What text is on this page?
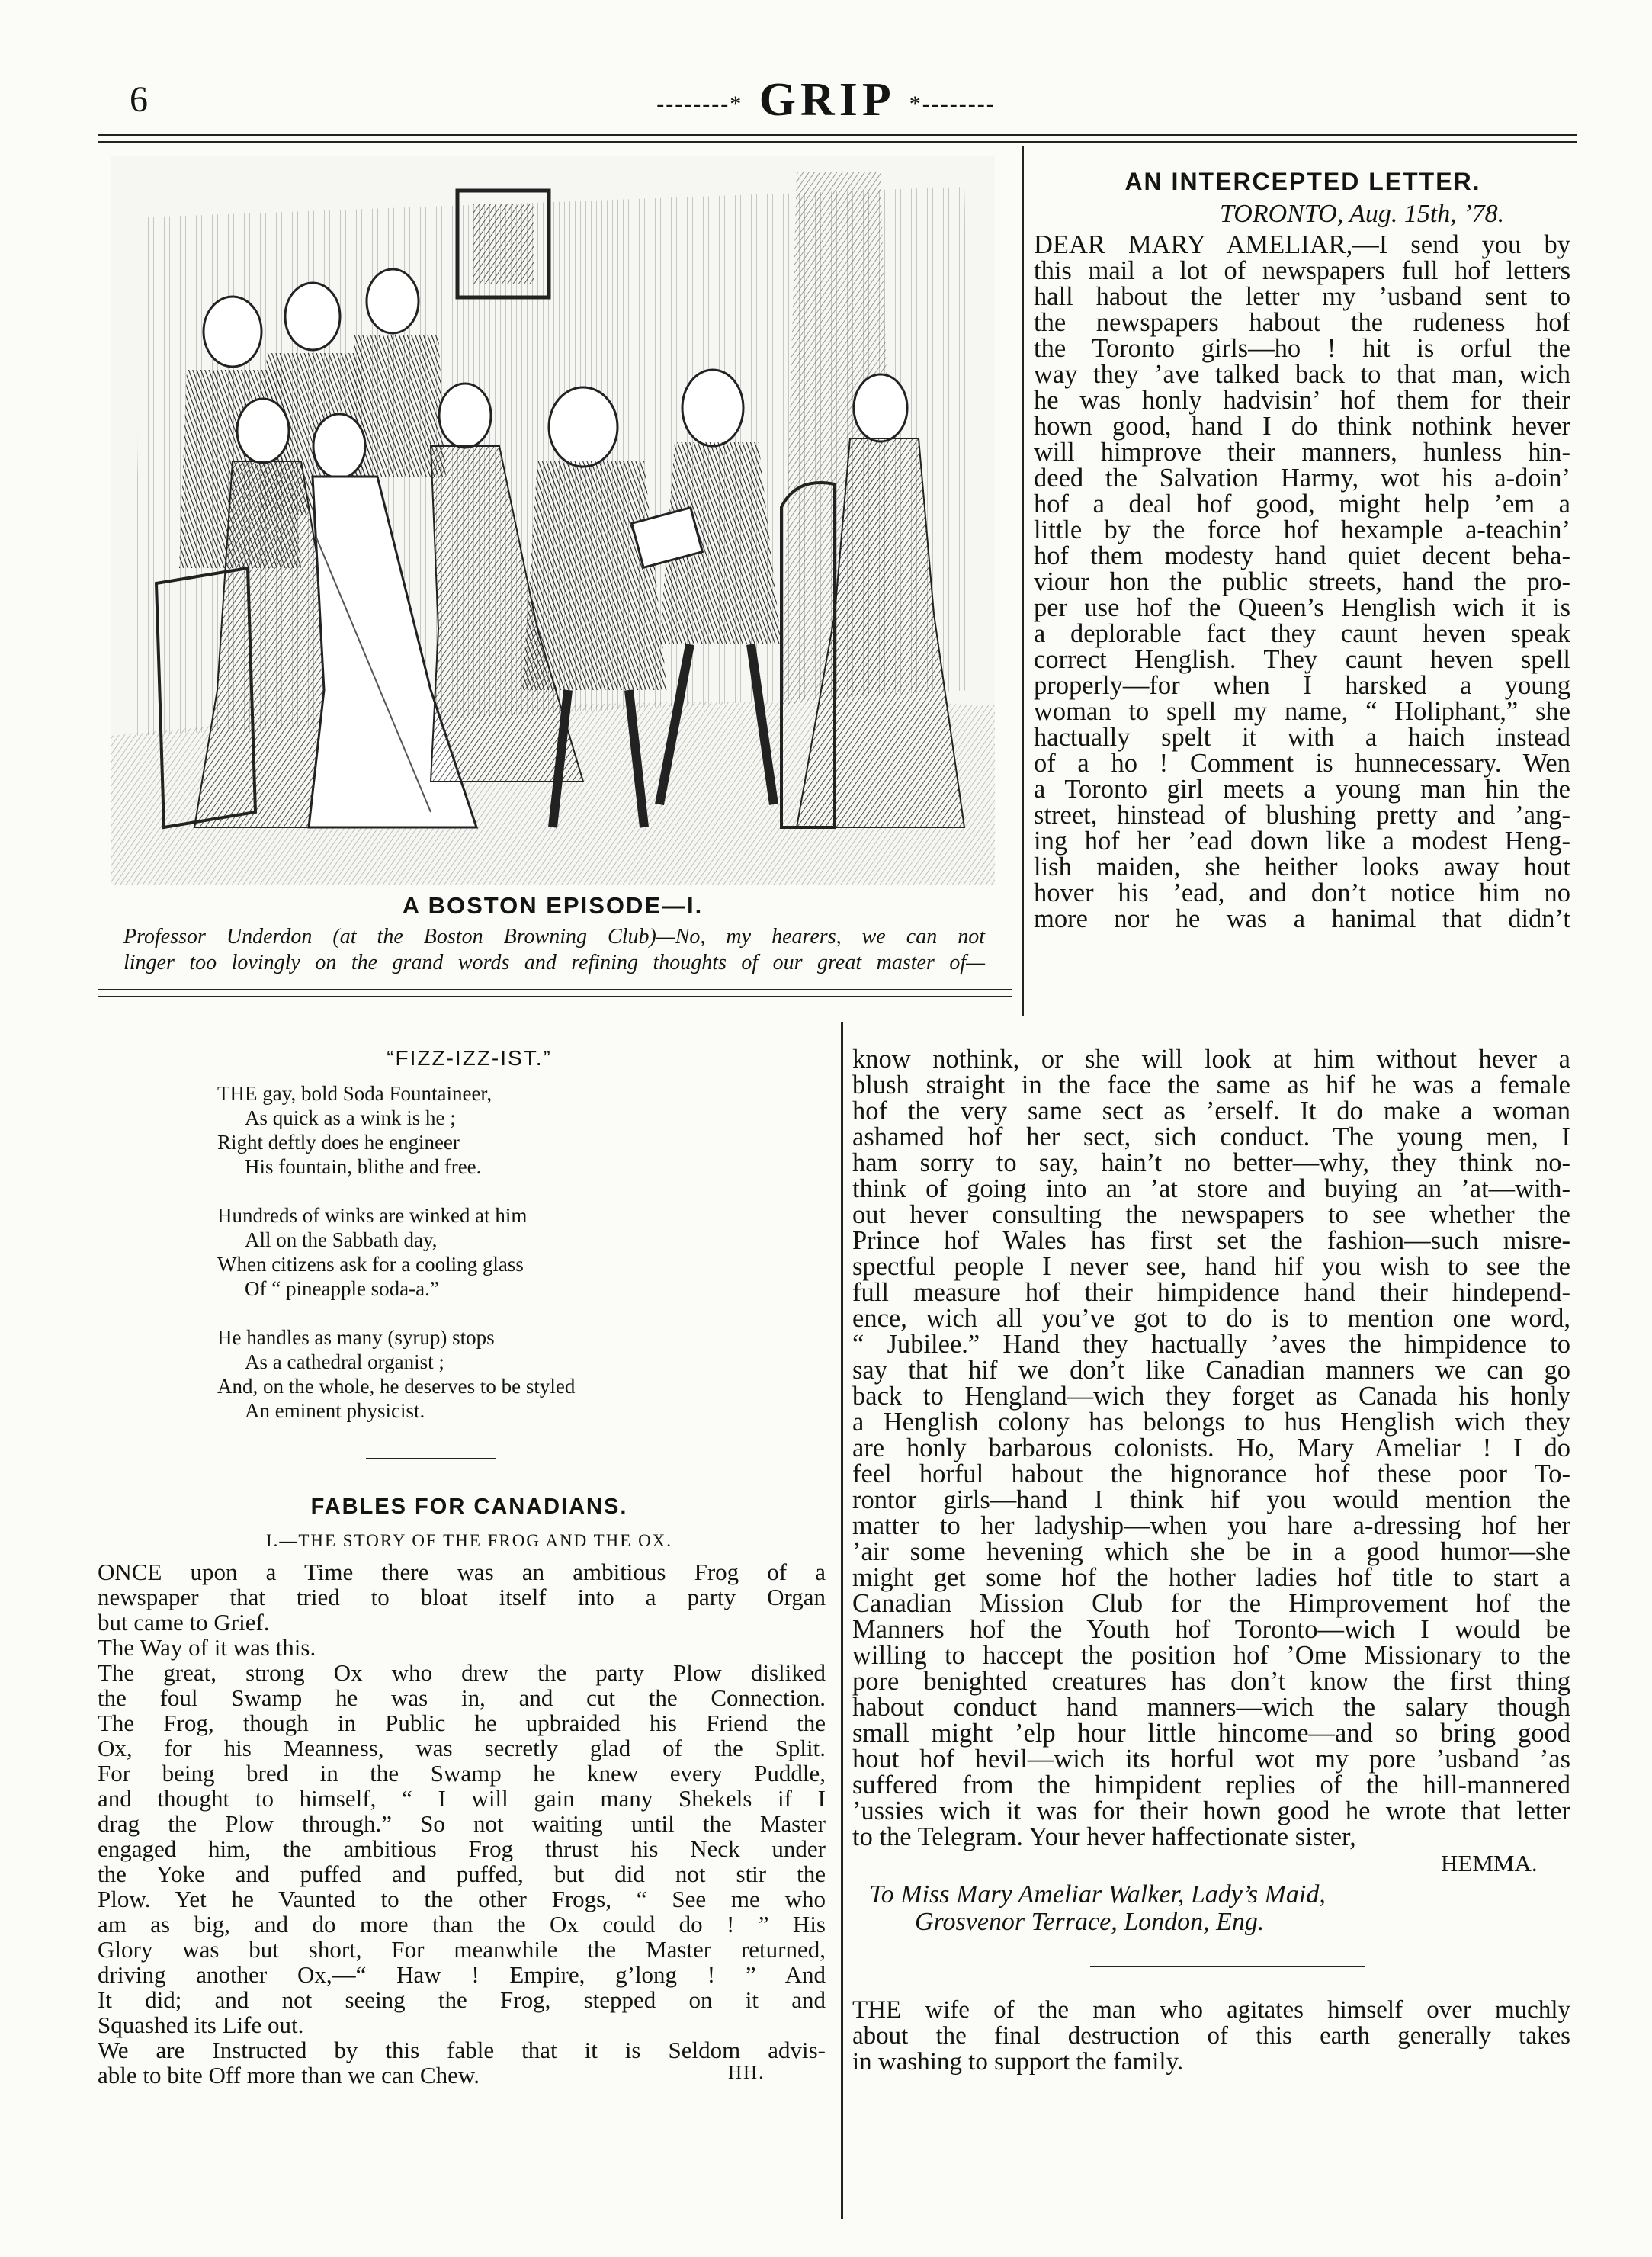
6	--------* GRIP *--------
A BOSTON EPISODE—I.
Professor Underdon (at the Boston Browning Club)—No, my hearers, we can not
linger too lovingly on the grand words and refining thoughts of our great master of—
“FIZZ-IZZ-IST.”
THE gay, bold Soda Fountaineer,
As quick as a wink is he ;
Right deftly does he engineer
His fountain, blithe and free.
Hundreds of winks are winked at him
All on the Sabbath day,
When citizens ask for a cooling glass
Of “ pineapple soda-a.”
He handles as many (syrup) stops
As a cathedral organist ;
And, on the whole, he deserves to be styled
An eminent physicist.
FABLES FOR CANADIANS.
I.—THE STORY OF THE FROG AND THE OX.
ONCE upon a Time there was an ambitious Frog of a
newspaper that tried to bloat itself into a party Organ
but came to Grief.
The Way of it was this.
The great, strong Ox who drew the party Plow disliked
the foul Swamp he was in, and cut the Connection.
The Frog, though in Public he upbraided his Friend the
Ox, for his Meanness, was secretly glad of the Split.
For being bred in the Swamp he knew every Puddle,
and thought to himself, “ I will gain many Shekels if I
drag the Plow through.” So not waiting until the Master
engaged him, the ambitious Frog thrust his Neck under
the Yoke and puffed and puffed, but did not stir the
Plow. Yet he Vaunted to the other Frogs, “ See me who
am as big, and do more than the Ox could do ! ” His
Glory was but short, For meanwhile the Master returned,
driving another Ox,—“ Haw ! Empire, g’long ! ” And
It did; and not seeing the Frog, stepped on it and
Squashed its Life out.
We are Instructed by this fable that it is Seldom advis-
able to bite Off more than we can Chew.	HH.
AN INTERCEPTED LETTER.
TORONTO, Aug. 15th, ’78.
DEAR MARY AMELIAR,—I send you by
this mail a lot of newspapers full hof letters
hall habout the letter my ’usband sent to
the newspapers habout the rudeness hof
the Toronto girls—ho ! hit is orful the
way they ’ave talked back to that man, wich
he was honly hadvisin’ hof them for their
hown good, hand I do think nothink hever
will himprove their manners, hunless hin-
deed the Salvation Harmy, wot his a-doin’
hof a deal hof good, might help ’em a
little by the force hof hexample a-teachin’
hof them modesty hand quiet decent beha-
viour hon the public streets, hand the pro-
per use hof the Queen’s Henglish wich it is
a deplorable fact they caunt heven speak
correct Henglish. They caunt heven spell
properly—for when I harsked a young
woman to spell my name, “ Holiphant,” she
hactually spelt it with a haich instead
of a ho ! Comment is hunnecessary. Wen
a Toronto girl meets a young man hin the
street, hinstead of blushing pretty and ’ang-
ing hof her ’ead down like a modest Heng-
lish maiden, she heither looks away hout
hover his ’ead, and don’t notice him no
more nor he was a hanimal that didn’t
know nothink, or she will look at him without hever a
blush straight in the face the same as hif he was a female
hof the very same sect as ’erself. It do make a woman
ashamed hof her sect, sich conduct. The young men, I
ham sorry to say, hain’t no better—why, they think no-
think of going into an ’at store and buying an ’at—with-
out hever consulting the newspapers to see whether the
Prince hof Wales has first set the fashion—such misre-
spectful people I never see, hand hif you wish to see the
full measure hof their himpidence hand their hindepend-
ence, wich all you’ve got to do is to mention one word,
“ Jubilee.” Hand they hactually ’aves the himpidence to
say that hif we don’t like Canadian manners we can go
back to Hengland—wich they forget as Canada his honly
a Henglish colony has belongs to hus Henglish wich they
are honly barbarous colonists. Ho, Mary Ameliar ! I do
feel horful habout the hignorance hof these poor To-
rontor girls—hand I think hif you would mention the
matter to her ladyship—when you hare a-dressing hof her
’air some hevening which she be in a good humor—she
might get some hof the hother ladies hof title to start a
Canadian Mission Club for the Himprovement hof the
Manners hof the Youth hof Toronto—wich I would be
willing to haccept the position hof ’Ome Missionary to the
pore benighted creatures has don’t know the first thing
habout conduct hand manners—wich the salary though
small might ’elp hour little hincome—and so bring good
hout hof hevil—wich its horful wot my pore ’usband ’as
suffered from the himpident replies of the hill-mannered
’ussies wich it was for their hown good he wrote that letter
to the Telegram. Your hever haffectionate sister,
HEMMA.
To Miss Mary Ameliar Walker, Lady’s Maid,
Grosvenor Terrace, London, Eng.
THE wife of the man who agitates himself over muchly
about the final destruction of this earth generally takes
in washing to support the family.
